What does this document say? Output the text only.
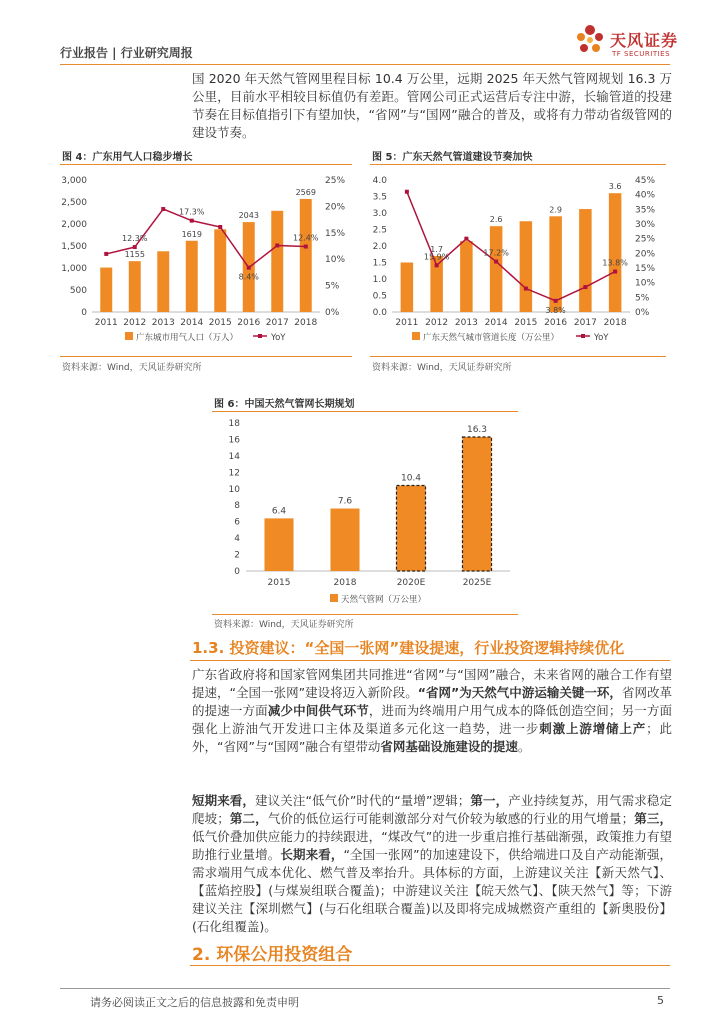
行业报告 | 行业研究周报
天风证券
TF SECURITIES
国 2020 年天然气管网里程目标 10.4 万公里，远期 2025 年天然气管网规划 16.3 万公里，目前水平相较目标值仍有差距。管网公司正式运营后专注中游，长输管道的投建节奏在目标值指引下有望加快，“省网”与“国网”融合的普及，或将有力带动省级管网的建设节奏。
图 4：广东用气人口稳步增长
0
500
1,000
1,500
2,000
2,500
3,000
0%
5%
10%
15%
20%
25%
2011
1155
2012 2013
1619
2014 2015
2043
2016 2017
2569
2018
12.3%
17.3%
8.4%
12.4%
广东城市用气人口（万人）	YoY
资料来源：Wind，天风证券研究所
图 5：广东天然气管道建设节奏加快
0.0
0.5
1.0
1.5
2.0
2.5
3.0
3.5
4.0
0%
5%
10%
15%
20%
25%
30%
35%
40%
45%
2011
1.7
2012 2013
2.6
2014 2015
2.9
2016 2017
3.6
2018
15.9%	17.2%
3.8%
13.8%
广东天然气城市管道长度（万公里）	YoY
资料来源：Wind，天风证券研究所
图 6：中国天然气管网长期规划
0
2
4
6
8
10
12
14
16
18
6.4
2015
7.6
2018
10.4
2020E
16.3
2025E
天然气管网（万公里）
资料来源：Wind，天风证券研究所
1.3. 投资建议：“全国一张网”建设提速，行业投资逻辑持续优化
广东省政府将和国家管网集团共同推进“省网”与“国网”融合，未来省网的融合工作有望提速，“全国一张网”建设将迈入新阶段。“省网”为天然气中游运输关键一环，省网改革的提速一方面减少中间供气环节，进而为终端用户用气成本的降低创造空间；另一方面强化上游油气开发进口主体及渠道多元化这一趋势，进一步刺激上游增储上产；此外，“省网”与“国网”融合有望带动省网基础设施建设的提速。
短期来看，建议关注“低气价”时代的“量增”逻辑；第一，产业持续复苏，用气需求稳定爬坡；第二，气价的低位运行可能刺激部分对气价较为敏感的行业的用气增量；第三，低气价叠加供应能力的持续跟进，“煤改气”的进一步重启推行基础渐强，政策推力有望助推行业量增。长期来看，“全国一张网”的加速建设下，供给端进口及自产动能渐强，需求端用气成本优化、燃气普及率抬升。具体标的方面，上游建议关注【新天然气】、【蓝焰控股】(与煤炭组联合覆盖)；中游建议关注【皖天然气】、【陕天然气】等；下游建议关注【深圳燃气】(与石化组联合覆盖)以及即将完成城燃资产重组的【新奥股份】(石化组覆盖)。
2. 环保公用投资组合
请务必阅读正文之后的信息披露和免责申明	5
